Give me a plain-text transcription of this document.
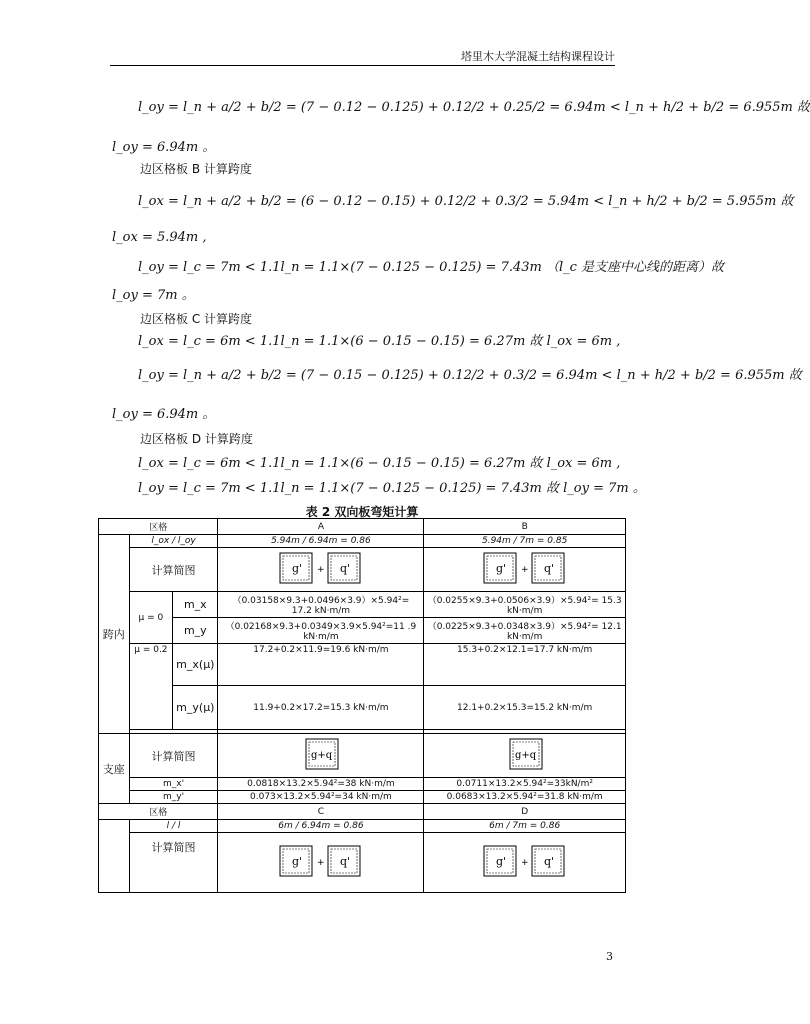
塔里木大学混凝土结构课程设计
l_oy = l_n + a/2 + b/2 = (7 − 0.12 − 0.125) + 0.12/2 + 0.25/2 = 6.94m < l_n + h/2 + b/2 = 6.955m 故
l_oy = 6.94m 。
边区格板 B 计算跨度
l_ox = l_n + a/2 + b/2 = (6 − 0.12 − 0.15) + 0.12/2 + 0.3/2 = 5.94m < l_n + h/2 + b/2 = 5.955m 故
l_ox = 5.94m ,
l_oy = l_c = 7m < 1.1l_n = 1.1×(7 − 0.125 − 0.125) = 7.43m （l_c 是支座中心线的距离）故
l_oy = 7m 。
边区格板 C 计算跨度
l_ox = l_c = 6m < 1.1l_n = 1.1×(6 − 0.15 − 0.15) = 6.27m 故 l_ox = 6m ,
l_oy = l_n + a/2 + b/2 = (7 − 0.15 − 0.125) + 0.12/2 + 0.3/2 = 6.94m < l_n + h/2 + b/2 = 6.955m 故
l_oy = 6.94m 。
边区格板 D 计算跨度
l_ox = l_c = 6m < 1.1l_n = 1.1×(6 − 0.15 − 0.15) = 6.27m 故 l_ox = 6m ,
l_oy = l_c = 7m < 1.1l_n = 1.1×(7 − 0.125 − 0.125) = 7.43m 故 l_oy = 7m 。
表 2 双向板弯矩计算
区格			A	B
跨内	l_ox / l_oy		5.94m / 6.94m = 0.86	5.94m / 7m = 0.85
	计算简图		g' + q'	g' + q'

	μ = 0	m_x	（0.03158×9.3+0.0496×3.9）×5.94²= 17.2 kN·m/m	（0.0255×9.3+0.0506×3.9）×5.94²= 15.3 kN·m/m
		m_y	（0.02168×9.3+0.0349×3.9×5.94²=11 .9 kN·m/m	（0.0225×9.3+0.0348×3.9）×5.94²= 12.1 kN·m/m
	μ = 0.2	m_x(μ)	17.2+0.2×11.9=19.6 kN·m/m	15.3+0.2×12.1=17.7 kN·m/m
		m_y(μ)	11.9+0.2×17.2=15.3 kN·m/m	12.1+0.2×15.3=15.2 kN·m/m

支座	计算简图		g+q	g+q

	m_x'		0.0818×13.2×5.94²=38 kN·m/m	0.0711×13.2×5.94²=33kN/m²
	m_y'		0.073×13.2×5.94²=34 kN·m/m	0.0683×13.2×5.94²=31.8 kN·m/m
区格			C	D
	l / l		6m / 6.94m = 0.86	6m / 7m = 0.86
	计算简图		g' + q'	g' + q'
3
